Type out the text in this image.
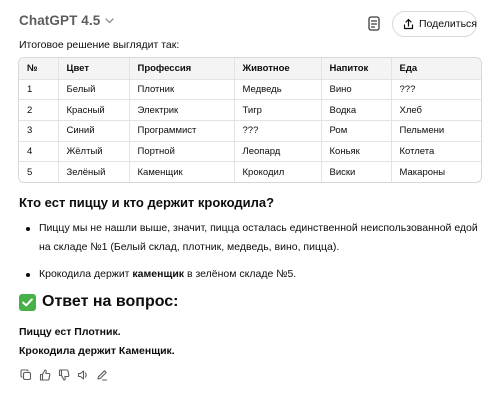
ChatGPT 4.5	Поделиться
Итоговое решение выглядит так:
№	Цвет	Профессия	Животное	Напиток	Еда
1	Белый	Плотник	Медведь	Вино	???
2	Красный	Электрик	Тигр	Водка	Хлеб
3	Синий	Программист	???	Ром	Пельмени
4	Жёлтый	Портной	Леопард	Коньяк	Котлета
5	Зелёный	Каменщик	Крокодил	Виски	Макароны
Кто ест пиццу и кто держит крокодила?
Пиццу мы не нашли выше, значит, пицца осталась единственной неиспользованной едой на складе №1 (Белый склад, плотник, медведь, вино, пицца).
Крокодила держит каменщик в зелёном складе №5.
Ответ на вопрос:
Пиццу ест Плотник.
Крокодила держит Каменщик.
